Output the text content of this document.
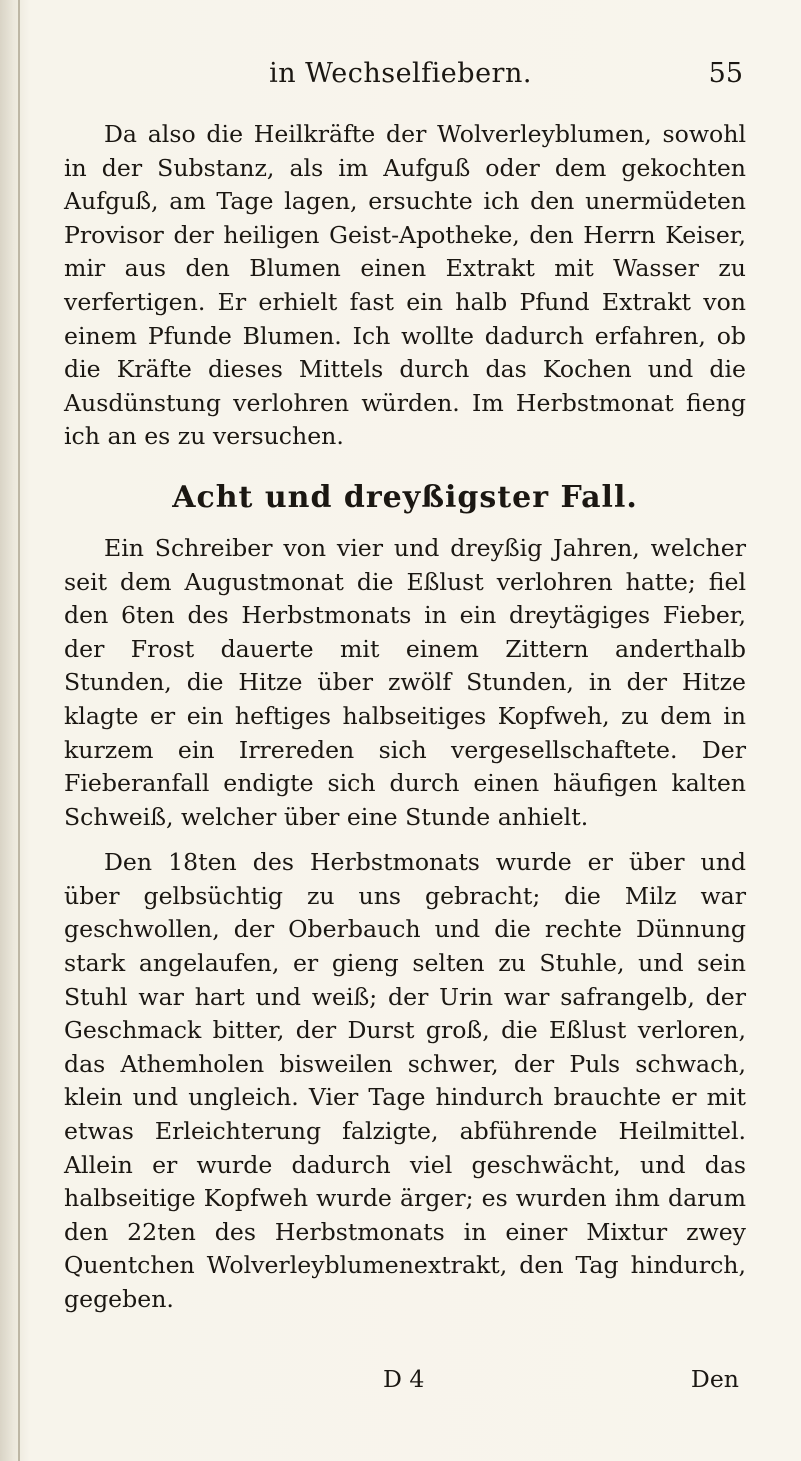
in Wechselfiebern.	55

Da also die Heilkräfte der Wolverleyblumen, sowohl in der Substanz, als im Aufguß oder dem gekochten Aufguß, am Tage lagen, ersuchte ich den unermüdeten Provisor der heiligen Geist-Apotheke, den Herrn Keiser, mir aus den Blumen einen Extrakt mit Wasser zu verfertigen. Er erhielt fast ein halb Pfund Extrakt von einem Pfunde Blumen. Ich wollte dadurch erfahren, ob die Kräfte dieses Mittels durch das Kochen und die Ausdünstung verlohren würden. Im Herbstmonat fieng ich an es zu versuchen.

Acht und dreyßigster Fall.

Ein Schreiber von vier und dreyßig Jahren, welcher seit dem Augustmonat die Eßlust verlohren hatte; fiel den 6ten des Herbstmonats in ein dreytägiges Fieber, der Frost dauerte mit einem Zittern anderthalb Stunden, die Hitze über zwölf Stunden, in der Hitze klagte er ein heftiges halbseitiges Kopfweh, zu dem in kurzem ein Irrereden sich vergesellschaftete. Der Fieberanfall endigte sich durch einen häufigen kalten Schweiß, welcher über eine Stunde anhielt.

Den 18ten des Herbstmonats wurde er über und über gelbsüchtig zu uns gebracht; die Milz war geschwollen, der Oberbauch und die rechte Dünnung stark angelaufen, er gieng selten zu Stuhle, und sein Stuhl war hart und weiß; der Urin war safrangelb, der Geschmack bitter, der Durst groß, die Eßlust verloren, das Athemholen bisweilen schwer, der Puls schwach, klein und ungleich. Vier Tage hindurch brauchte er mit etwas Erleichterung falzigte, abführende Heilmittel. Allein er wurde dadurch viel geschwächt, und das halbseitige Kopfweh wurde ärger; es wurden ihm darum den 22ten des Herbstmonats in einer Mixtur zwey Quentchen Wolverleyblumenextrakt, den Tag hindurch, gegeben.

D 4	Den
